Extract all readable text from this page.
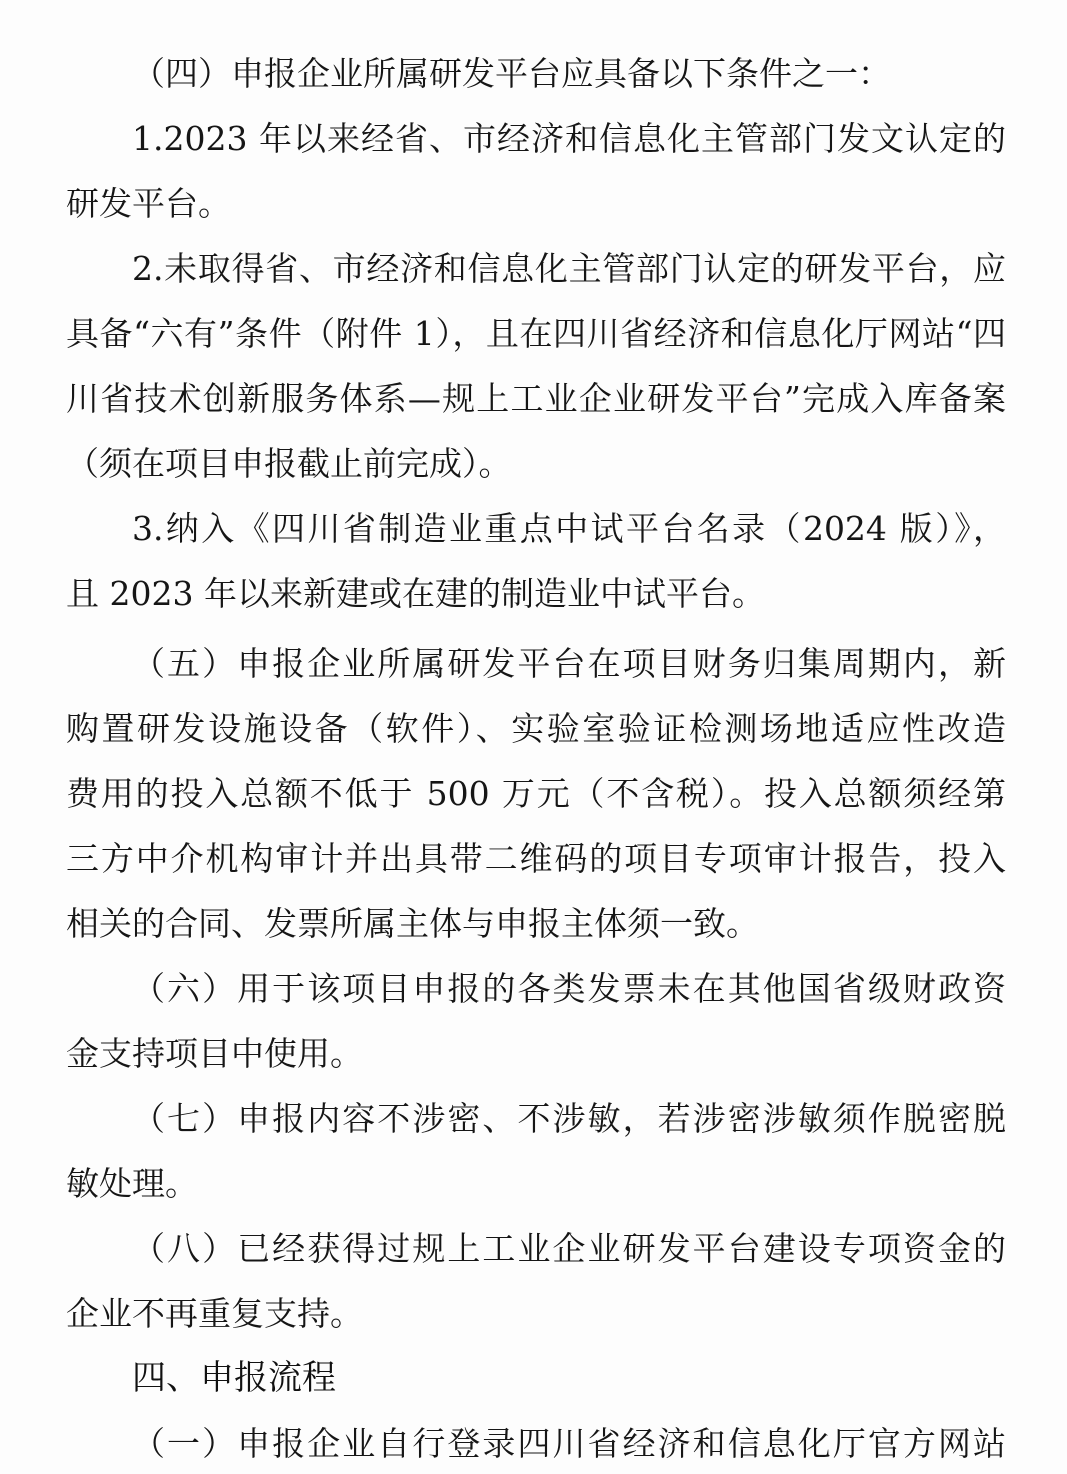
（四）申报企业所属研发平台应具备以下条件之一：
1.2023 年以来经省、市经济和信息化主管部门发文认定的
研发平台。
2.未取得省、市经济和信息化主管部门认定的研发平台，应
具备“六有”条件（附件 1），且在四川省经济和信息化厅网站“四
川省技术创新服务体系—规上工业企业研发平台”完成入库备案
（须在项目申报截止前完成）。
3.纳入《四川省制造业重点中试平台名录（2024 版）》，
且 2023 年以来新建或在建的制造业中试平台。
（五）申报企业所属研发平台在项目财务归集周期内，新
购置研发设施设备（软件）、实验室验证检测场地适应性改造
费用的投入总额不低于 500 万元（不含税）。投入总额须经第
三方中介机构审计并出具带二维码的项目专项审计报告，投入
相关的合同、发票所属主体与申报主体须一致。
（六）用于该项目申报的各类发票未在其他国省级财政资
金支持项目中使用。
（七）申报内容不涉密、不涉敏，若涉密涉敏须作脱密脱
敏处理。
（八）已经获得过规上工业企业研发平台建设专项资金的
企业不再重复支持。
四、申报流程
（一）申报企业自行登录四川省经济和信息化厅官方网站
